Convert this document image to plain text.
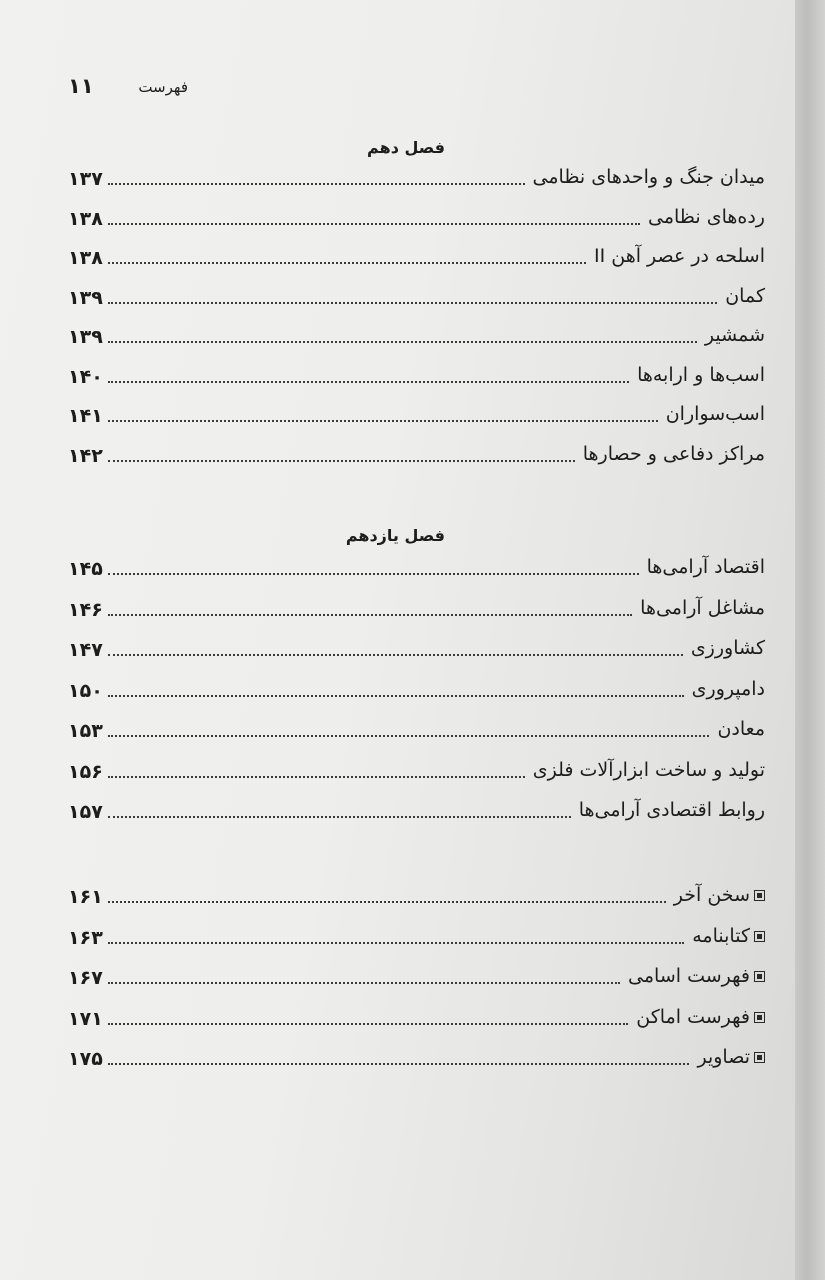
۱۱	فهرست
فصل دهم
میدان جنگ و واحدهای نظامی
۱۳۷
رده‌های نظامی
۱۳۸
اسلحه در عصر آهن II
۱۳۸
کمان
۱۳۹
شمشیر
۱۳۹
اسب‌ها و ارابه‌ها
۱۴۰
اسب‌سواران
۱۴۱
مراکز دفاعی و حصارها
۱۴۲
فصل یازدهم
اقتصاد آرامی‌ها
۱۴۵
مشاغل آرامی‌ها
۱۴۶
کشاورزی
۱۴۷
دامپروری
۱۵۰
معادن
۱۵۳
تولید و ساخت ابزارآلات فلزی
۱۵۶
روابط اقتصادی آرامی‌ها
۱۵۷
سخن آخر
۱۶۱
کتابنامه
۱۶۳
فهرست اسامی
۱۶۷
فهرست اماکن
۱۷۱
تصاویر
۱۷۵
